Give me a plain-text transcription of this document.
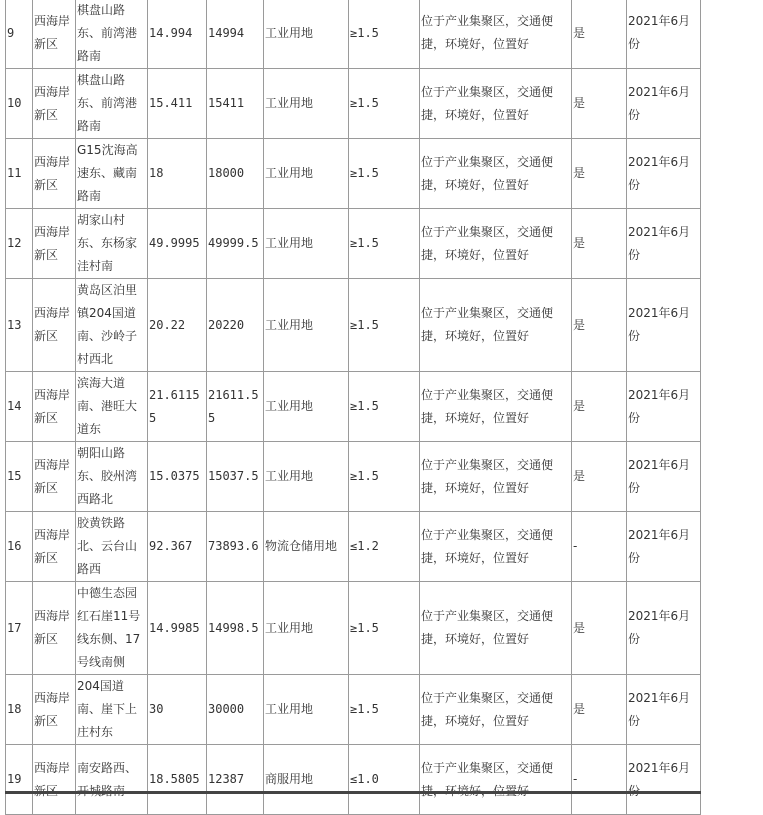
9	西海岸新区	棋盘山路东、前湾港路南	14.994	14994	工业用地	≥1.5	位于产业集聚区，交通便捷，环境好，位置好	是	2021年6月份
10	西海岸新区	棋盘山路东、前湾港路南	15.411	15411	工业用地	≥1.5	位于产业集聚区，交通便捷，环境好，位置好	是	2021年6月份
11	西海岸新区	G15沈海高速东、藏南路南	18	18000	工业用地	≥1.5	位于产业集聚区，交通便捷，环境好，位置好	是	2021年6月份
12	西海岸新区	胡家山村东、东杨家洼村南	49.9995	49999.5	工业用地	≥1.5	位于产业集聚区，交通便捷，环境好，位置好	是	2021年6月份
13	西海岸新区	黄岛区泊里镇204国道南、沙岭子村西北	20.22	20220	工业用地	≥1.5	位于产业集聚区，交通便捷，环境好，位置好	是	2021年6月份
14	西海岸新区	滨海大道南、港旺大道东	21.61155	21611.55	工业用地	≥1.5	位于产业集聚区，交通便捷，环境好，位置好	是	2021年6月份
15	西海岸新区	朝阳山路东、胶州湾西路北	15.0375	15037.5	工业用地	≥1.5	位于产业集聚区，交通便捷，环境好，位置好	是	2021年6月份
16	西海岸新区	胶黄铁路北、云台山路西	92.367	73893.6	物流仓储用地	≤1.2	位于产业集聚区，交通便捷，环境好，位置好	-	2021年6月份
17	西海岸新区	中德生态园红石崖11号线东侧、17号线南侧	14.9985	14998.5	工业用地	≥1.5	位于产业集聚区，交通便捷，环境好，位置好	是	2021年6月份
18	西海岸新区	204国道南、崖下上庄村东	30	30000	工业用地	≥1.5	位于产业集聚区，交通便捷，环境好，位置好	是	2021年6月份
19	西海岸	南安路西、	18.5805	12387	商服用地	≤1.0	位于产业集聚区，交通便	-	2021年6月
